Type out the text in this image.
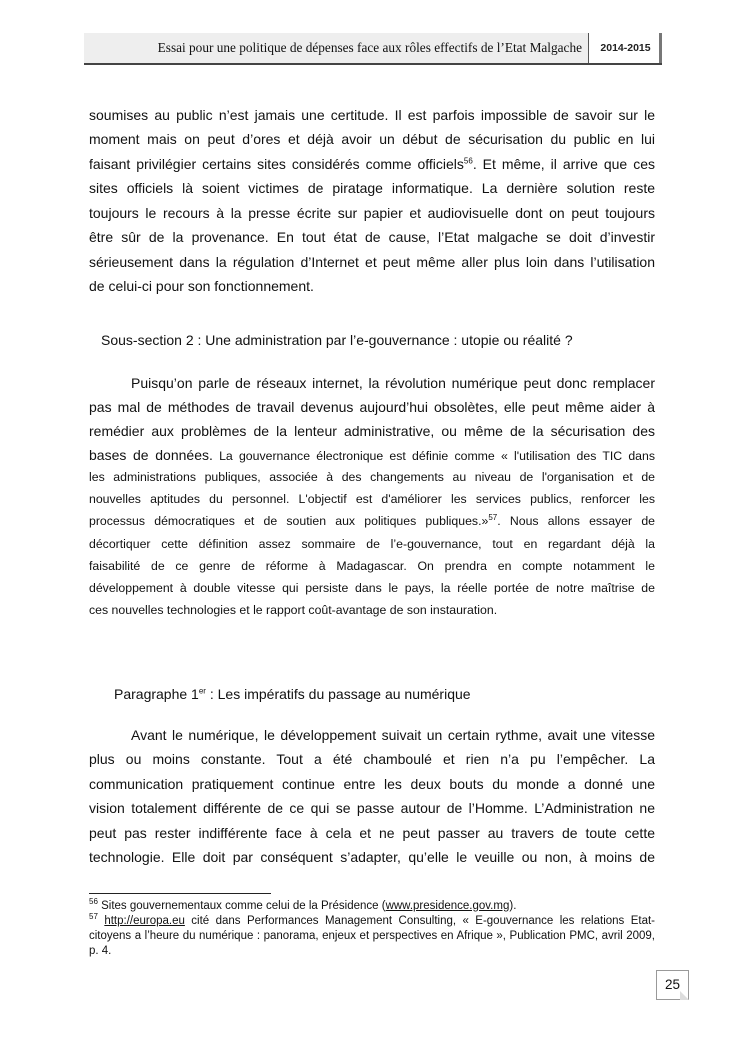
Essai pour une politique de dépenses face aux rôles effectifs de l’Etat Malgache	2014-2015
soumises au public n’est jamais une certitude. Il est parfois impossible de savoir sur le
moment mais on peut d’ores et déjà avoir un début de sécurisation du public en lui
faisant privilégier certains sites considérés comme officiels$^{56}$. Et même, il arrive que ces
sites officiels là soient victimes de piratage informatique. La dernière solution reste
toujours le recours à la presse écrite sur papier et audiovisuelle dont on peut toujours
être sûr de la provenance. En tout état de cause, l’Etat malgache se doit d’investir
sérieusement dans la régulation d’Internet et peut même aller plus loin dans l’utilisation
de celui-ci pour son fonctionnement.
Sous-section 2 : Une administration par l’e-gouvernance : utopie ou réalité ?
Puisqu’on parle de réseaux internet, la révolution numérique peut donc remplacer
pas mal de méthodes de travail devenus aujourd’hui obsolètes, elle peut même aider à
remédier aux problèmes de la lenteur administrative, ou même de la sécurisation des
bases de données. La gouvernance électronique est définie comme « l'utilisation des TIC dans
les administrations publiques, associée à des changements au niveau de l'organisation et de
nouvelles aptitudes du personnel. L'objectif est d'améliorer les services publics, renforcer les
processus démocratiques et de soutien aux politiques publiques.»$^{57}$. Nous allons essayer de
décortiquer cette définition assez sommaire de l’e-gouvernance, tout en regardant déjà la
faisabilité de ce genre de réforme à Madagascar. On prendra en compte notamment le
développement à double vitesse qui persiste dans le pays, la réelle portée de notre maîtrise de
ces nouvelles technologies et le rapport coût-avantage de son instauration.
Paragraphe 1er : Les impératifs du passage au numérique
Avant le numérique, le développement suivait un certain rythme, avait une vitesse
plus ou moins constante. Tout a été chamboulé et rien n’a pu l’empêcher. La
communication pratiquement continue entre les deux bouts du monde a donné une
vision totalement différente de ce qui se passe autour de l’Homme. L’Administration ne
peut pas rester indifférente face à cela et ne peut passer au travers de toute cette
technologie. Elle doit par conséquent s’adapter, qu’elle le veuille ou non, à moins de
$^{56}$ Sites gouvernementaux comme celui de la Présidence (www.presidence.gov.mg).
$^{57}$ http://europa.eu cité dans Performances Management Consulting, « E-gouvernance les relations Etat-citoyens a l’heure du numérique : panorama, enjeux et perspectives en Afrique », Publication PMC, avril 2009, p. 4.
25
